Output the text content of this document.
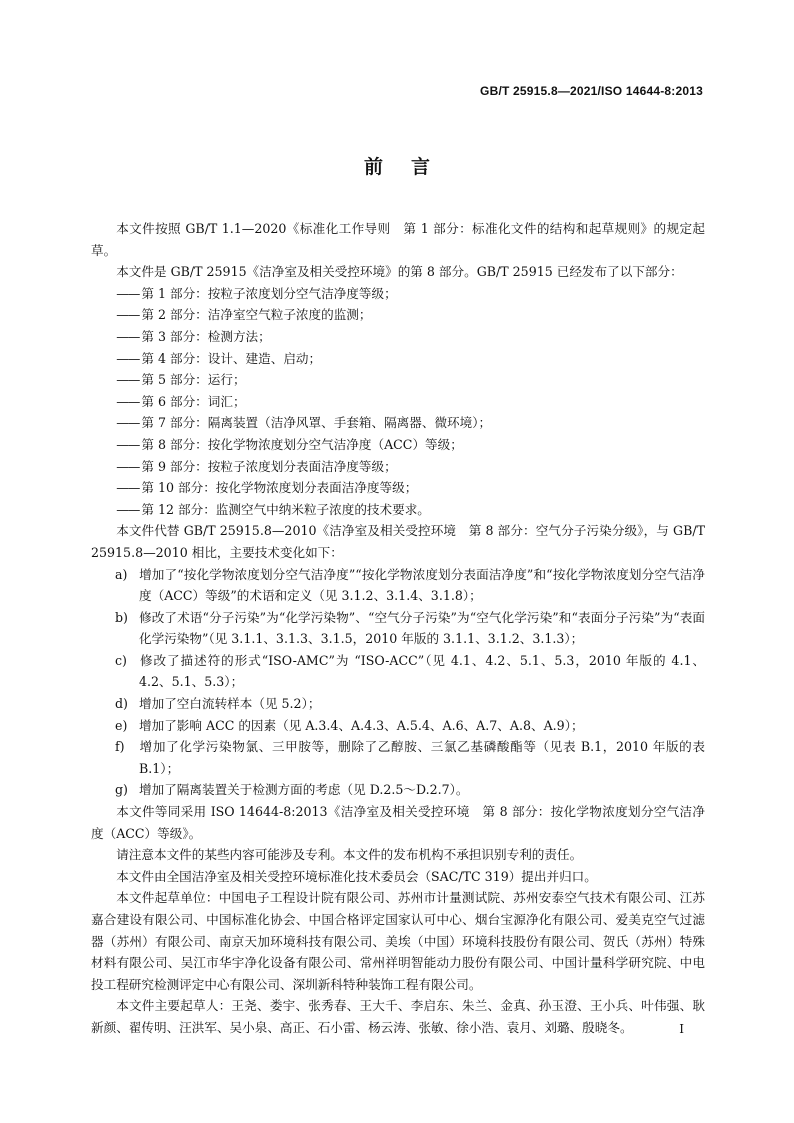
GB/T 25915.8—2021/ISO 14644-8:2013
前言

本文件按照 GB/T 1.1—2020《标准化工作导则　第 1 部分：标准化文件的结构和起草规则》的规定起草。

本文件是 GB/T 25915《洁净室及相关受控环境》的第 8 部分。GB/T 25915 已经发布了以下部分：

—— 第 1 部分：按粒子浓度划分空气洁净度等级；

—— 第 2 部分：洁净室空气粒子浓度的监测；

—— 第 3 部分：检测方法；

—— 第 4 部分：设计、建造、启动；

—— 第 5 部分：运行；

—— 第 6 部分：词汇；

—— 第 7 部分：隔离装置（洁净风罩、手套箱、隔离器、微环境）；

—— 第 8 部分：按化学物浓度划分空气洁净度（ACC）等级；

—— 第 9 部分：按粒子浓度划分表面洁净度等级；

—— 第 10 部分：按化学物浓度划分表面洁净度等级；

—— 第 12 部分：监测空气中纳米粒子浓度的技术要求。

本文件代替 GB/T 25915.8—2010《洁净室及相关受控环境　第 8 部分：空气分子污染分级》，与 GB/T 25915.8—2010 相比，主要技术变化如下：

a) 增加了“按化学物浓度划分空气洁净度”“按化学物浓度划分表面洁净度”和“按化学物浓度划分空气洁净度（ACC）等级”的术语和定义（见 3.1.2、3.1.4、3.1.8）；

b) 修改了术语“分子污染”为“化学污染物”、“空气分子污染”为“空气化学污染”和“表面分子污染”为“表面化学污染物”（见 3.1.1、3.1.3、3.1.5，2010 年版的 3.1.1、3.1.2、3.1.3）；

c) 修改了描述符的形式“ISO-AMC”为 “ISO-ACC”（见 4.1、4.2、5.1、5.3，2010 年版的 4.1、4.2、5.1、5.3）；

d) 增加了空白流转样本（见 5.2）；

e) 增加了影响 ACC 的因素（见 A.3.4、A.4.3、A.5.4、A.6、A.7、A.8、A.9）；

f) 增加了化学污染物氯、三甲胺等，删除了乙醇胺、三氯乙基磷酸酯等（见表 B.1，2010 年版的表 B.1）；

g) 增加了隔离装置关于检测方面的考虑（见 D.2.5～D.2.7）。

本文件等同采用 ISO 14644-8:2013《洁净室及相关受控环境　第 8 部分：按化学物浓度划分空气洁净度（ACC）等级》。

请注意本文件的某些内容可能涉及专利。本文件的发布机构不承担识别专利的责任。

本文件由全国洁净室及相关受控环境标准化技术委员会（SAC/TC 319）提出并归口。

本文件起草单位：中国电子工程设计院有限公司、苏州市计量测试院、苏州安泰空气技术有限公司、江苏嘉合建设有限公司、中国标准化协会、中国合格评定国家认可中心、烟台宝源净化有限公司、爱美克空气过滤器（苏州）有限公司、南京天加环境科技有限公司、美埃（中国）环境科技股份有限公司、贺氏（苏州）特殊材料有限公司、吴江市华宇净化设备有限公司、常州祥明智能动力股份有限公司、中国计量科学研究院、中电投工程研究检测评定中心有限公司、深圳新科特种装饰工程有限公司。

本文件主要起草人：王尧、娄宇、张秀春、王大千、李启东、朱兰、金真、孙玉澄、王小兵、叶伟强、耿新颜、翟传明、汪洪军、吴小泉、高正、石小雷、杨云涛、张敏、徐小浩、袁月、刘璐、殷晓冬。	I
